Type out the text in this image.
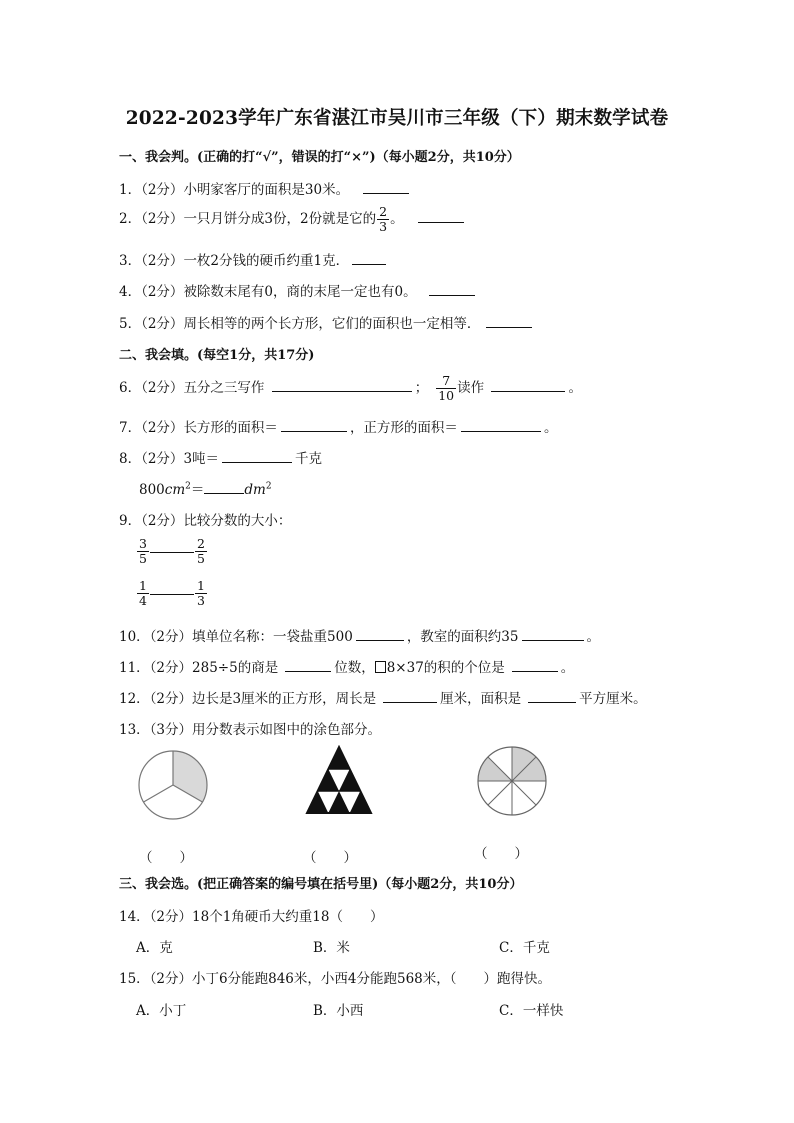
2022-2023学年广东省湛江市吴川市三年级（下）期末数学试卷
一、我会判。(正确的打“√”，错误的打“×”)（每小题2分，共10分）
1．（2分）小明家客厅的面积是30米。
2．（2分）一只月饼分成3份，2份就是它的 $\frac{2}{3}$ 。
3．（2分）一枚2分钱的硬币约重1克．
4．（2分）被除数末尾有0，商的末尾一定也有0。
5．（2分）周长相等的两个长方形，它们的面积也一定相等．
二、我会填。(每空1分，共17分)
6．（2分）五分之三写作	； $\frac{7}{10}$ 读作	。
7．（2分）长方形的面积＝	，正方形的面积＝	。
8．（2分）3吨＝	千克
$800cm^2=$	$dm^2$
9．（2分）比较分数的大小：
$\frac{3}{5}$	$\frac{2}{5}$
$\frac{1}{4}$	$\frac{1}{3}$
10．（2分）填单位名称：一袋盐重500	，教室的面积约35	。
11．（2分）285÷5的商是	位数， 8×37的积的个位是	。
12．（2分）边长是3厘米的正方形，周长是	厘米，面积是	平方厘米。
13．（3分）用分数表示如图中的涂色部分。
（　　）	（　　）	（　　）
三、我会选。(把正确答案的编号填在括号里)（每小题2分，共10分）
14．（2分）18个1角硬币大约重18（　　）
A．克	B．米	C．千克
15．（2分）小丁6分能跑846米，小西4分能跑568米，（　　）跑得快。
A．小丁	B．小西	C．一样快
